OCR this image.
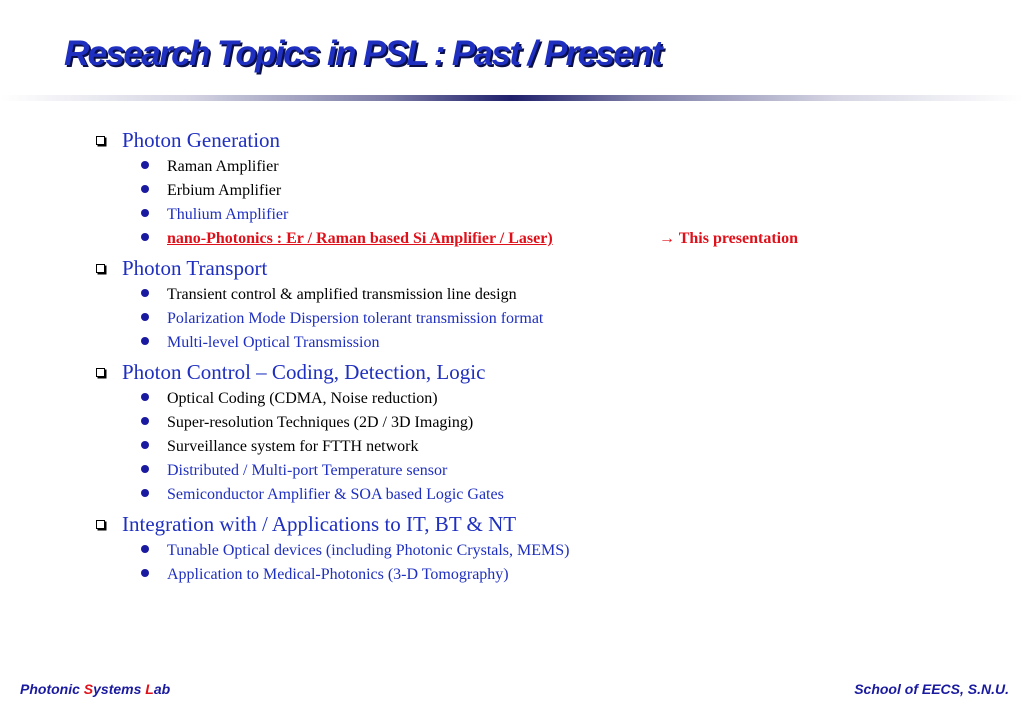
Research Topics in PSL : Past / Present
Photon Generation
Raman Amplifier
Erbium Amplifier
Thulium Amplifier
nano-Photonics : Er / Raman based Si Amplifier / Laser)	→ This presentation
Photon Transport
Transient control & amplified transmission line design
Polarization Mode Dispersion tolerant transmission format
Multi-level Optical Transmission
Photon Control – Coding, Detection, Logic
Optical Coding (CDMA, Noise reduction)
Super-resolution Techniques (2D / 3D Imaging)
Surveillance system for FTTH network
Distributed / Multi-port Temperature sensor
Semiconductor Amplifier & SOA based Logic Gates
Integration with / Applications to IT, BT & NT
Tunable Optical devices (including Photonic Crystals, MEMS)
Application to Medical-Photonics (3-D Tomography)
Photonic Systems Lab	School of EECS, S.N.U.
